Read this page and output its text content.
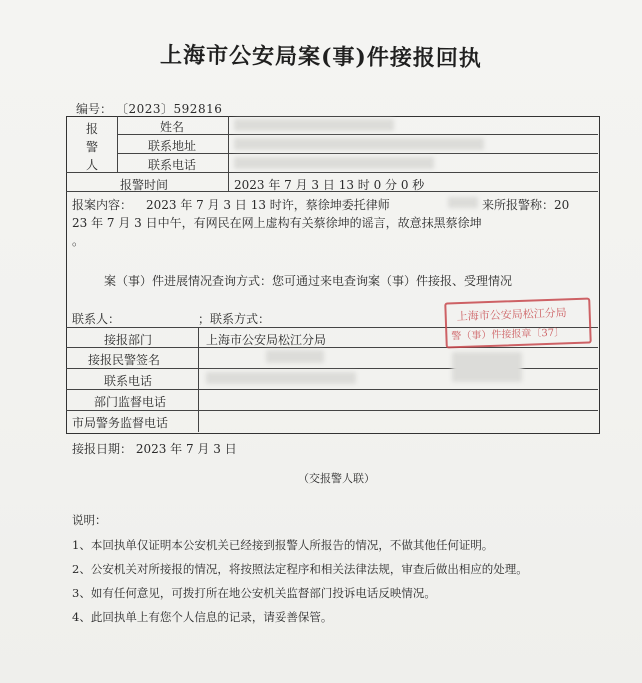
上海市公安局案(事)件接报回执
编号： 〔2023〕592816
报
警
人
姓名
联系地址
联系电话
报警时间	2023 年 7 月 3 日 13 时 0 分 0 秒
报案内容： 2023 年 7 月 3 日 13 时许，蔡徐坤委托律师	来所报警称：20
23 年 7 月 3 日中午，有网民在网上虚构有关蔡徐坤的谣言，故意抹黑蔡徐坤
。
案（事）件进展情况查询方式：您可通过来电查询案（事）件接报、受理情况
联系人：	；联系方式：
接报部门	上海市公安局松江分局
接报民警签名
联系电话
部门监督电话
市局警务监督电话
上海市公安局松江分局
警（事）件接报章〔37〕
接报日期： 2023 年 7 月 3 日
（交报警人联）
说明：
1、本回执单仅证明本公安机关已经接到报警人所报告的情况，不做其他任何证明。
2、公安机关对所接报的情况，将按照法定程序和相关法律法规，审查后做出相应的处理。
3、如有任何意见，可拨打所在地公安机关监督部门投诉电话反映情况。
4、此回执单上有您个人信息的记录，请妥善保管。
